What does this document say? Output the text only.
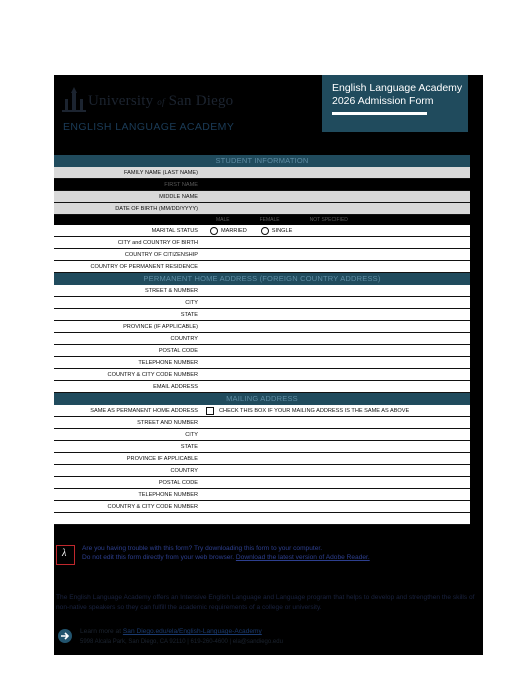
University of San Diego
ENGLISH LANGUAGE ACADEMY
English Language Academy
2026 Admission Form
STUDENT INFORMATION
FAMILY NAME (LAST NAME)
FIRST NAME
MIDDLE NAME
DATE OF BIRTH (MM/DD/YYYY)
MALE	FEMALE	NOT SPECIFIED
MARITAL STATUS	MARRIED	SINGLE
CITY and COUNTRY OF BIRTH
COUNTRY OF CITIZENSHIP
COUNTRY OF PERMANENT RESIDENCE
PERMANENT HOME ADDRESS (FOREIGN COUNTRY ADDRESS)
STREET & NUMBER
CITY
STATE
PROVINCE (IF APPLICABLE)
COUNTRY
POSTAL CODE
TELEPHONE NUMBER
COUNTRY & CITY CODE NUMBER
EMAIL ADDRESS
MAILING ADDRESS
SAME AS PERMANENT HOME ADDRESS	CHECK THIS BOX IF YOUR MAILING ADDRESS IS THE SAME AS ABOVE
STREET AND NUMBER
CITY
STATE
PROVINCE IF APPLICABLE
COUNTRY
POSTAL CODE
TELEPHONE NUMBER
COUNTRY & CITY CODE NUMBER
λ Are you having trouble with this form? Try downloading this form to your computer.
Do not edit this form directly from your web browser. Download the latest version of Adobe Reader.
The English Language Academy offers an Intensive English Language and Language program that helps to develop and strengthen the skills of non-native speakers so they can fulfill the academic requirements of a college or university.
Learn more at San Diego.edu/ela/English-Language-Academy
5998 Alcala Park, San Diego, CA 92110 | 619-260-4600 | ela@sandiego.edu
